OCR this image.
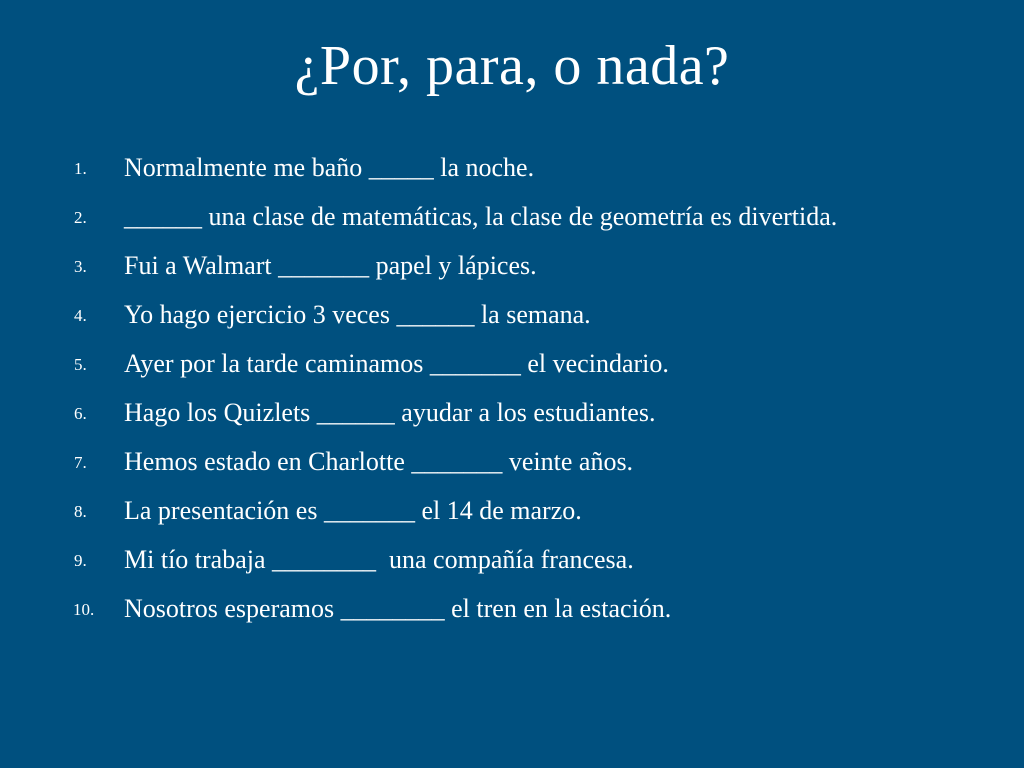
¿Por, para, o nada?
1.	Normalmente me baño _____ la noche.
2.	______ una clase de matemáticas, la clase de geometría es divertida.
3.	Fui a Walmart _______ papel y lápices.
4.	Yo hago ejercicio 3 veces ______ la semana.
5.	Ayer por la tarde caminamos _______ el vecindario.
6.	Hago los Quizlets ______ ayudar a los estudiantes.
7.	Hemos estado en Charlotte _______ veinte años.
8.	La presentación es _______ el 14 de marzo.
9.	Mi tío trabaja ________  una compañía francesa.
10.	Nosotros esperamos ________ el tren en la estación.
